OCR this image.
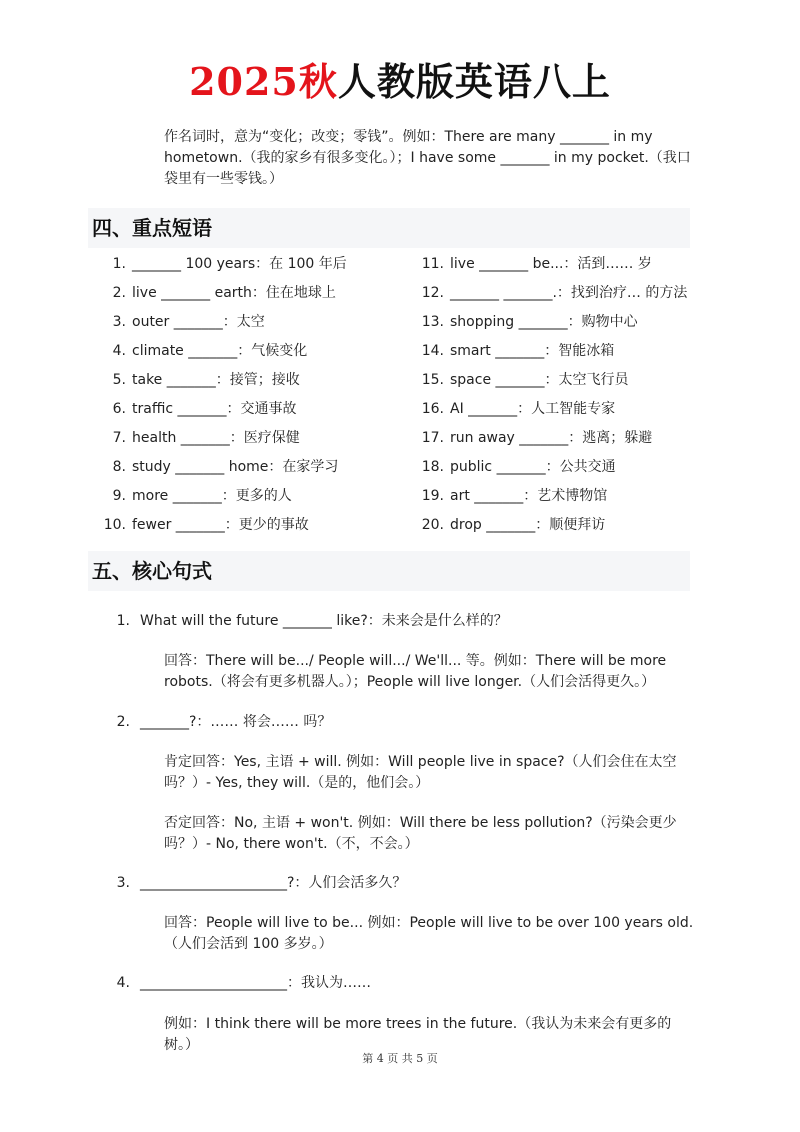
2025秋人教版英语八上
作名词时，意为“变化；改变；零钱”。例如：There are many _______ in my hometown.（我的家乡有很多变化。）；I have some _______ in my pocket.（我口袋里有一些零钱。）
四、重点短语
1. _______ 100 years：在 100 年后
2. live _______ earth：住在地球上
3. outer _______：太空
4. climate _______：气候变化
5. take _______：接管；接收
6. traffic _______：交通事故
7. health _______：医疗保健
8. study _______ home：在家学习
9. more _______：更多的人
10. fewer _______：更少的事故
11. live _______ be...：活到…… 岁
12. _______ _______.：找到治疗… 的方法
13. shopping _______：购物中心
14. smart _______：智能冰箱
15. space _______：太空飞行员
16. AI _______：人工智能专家
17. run away _______：逃离；躲避
18. public _______：公共交通
19. art _______：艺术博物馆
20. drop _______：顺便拜访
五、核心句式
1. What will the future _______ like?：未来会是什么样的？
回答：There will be.../ People will.../ We'll... 等。例如：There will be more robots.（将会有更多机器人。）；People will live longer.（人们会活得更久。）
2. _______?：…… 将会…… 吗？
肯定回答：Yes, 主语 + will. 例如：Will people live in space?（人们会住在太空吗？）- Yes, they will.（是的，他们会。）
否定回答：No, 主语 + won't. 例如：Will there be less pollution?（污染会更少吗？）- No, there won't.（不，不会。）
3. _____________________?：人们会活多久？
回答：People will live to be... 例如：People will live to be over 100 years old.（人们会活到 100 多岁。）
4. _____________________：我认为……
例如：I think there will be more trees in the future.（我认为未来会有更多的树。）
第 4 页 共 5 页
